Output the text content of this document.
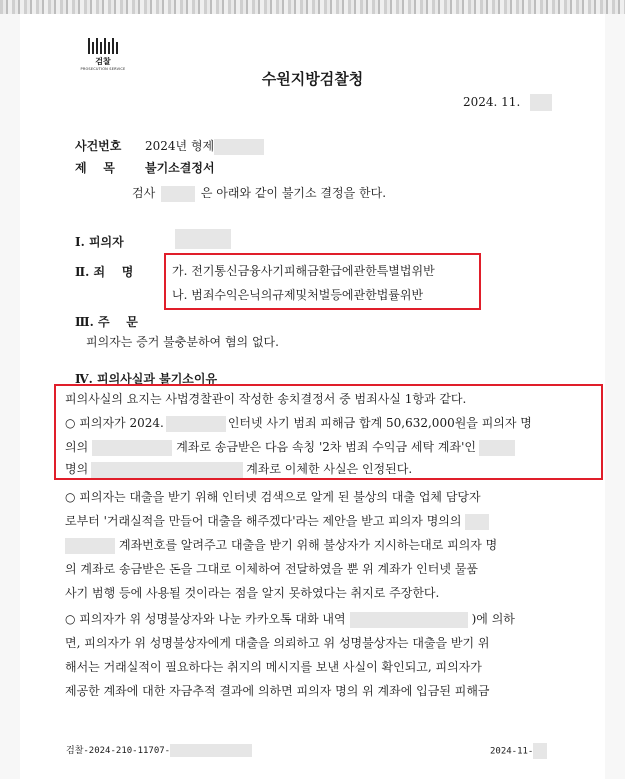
검찰
PROSECUTION SERVICE
수원지방검찰청
2024. 11.
사건번호 2024년 형제
제    목	불기소결정서
검사	은 아래와 같이 불기소 결정을 한다.
Ⅰ. 피의자
Ⅱ. 죄    명	가. 전기통신금융사기피해금환급에관한특별법위반
나. 범죄수익은닉의규제및처벌등에관한법률위반
Ⅲ. 주    문
피의자는 증거 불충분하여 혐의 없다.
Ⅳ. 피의사실과 불기소이유
피의사실의 요지는 사법경찰관이 작성한 송치결정서 중 범죄사실 1항과 같다.
○ 피의자가 2024.	인터넷 사기 범죄 피해금 합계 50,632,000원을 피의자 명
의의	계좌로 송금받은 다음 속칭 '2차 범죄 수익금 세탁 계좌'인
명의	계좌로 이체한 사실은 인정된다.
○ 피의자는 대출을 받기 위해 인터넷 검색으로 알게 된 불상의 대출 업체 담당자
로부터 '거래실적을 만들어 대출을 해주겠다'라는 제안을 받고 피의자 명의의
계좌번호를 알려주고 대출을 받기 위해 불상자가 지시하는대로 피의자 명
의 계좌로 송금받은 돈을 그대로 이체하여 전달하였을 뿐 위 계좌가 인터넷 물품
사기 범행 등에 사용될 것이라는 점을 알지 못하였다는 취지로 주장한다.
○ 피의자가 위 성명불상자와 나눈 카카오톡 대화 내역	)에 의하
면, 피의자가 위 성명불상자에게 대출을 의뢰하고 위 성명불상자는 대출을 받기 위
해서는 거래실적이 필요하다는 취지의 메시지를 보낸 사실이 확인되고, 피의자가
제공한 계좌에 대한 자금추적 결과에 의하면 피의자 명의 위 계좌에 입금된 피해금
검찰-2024-210-11707-	2024-11-
